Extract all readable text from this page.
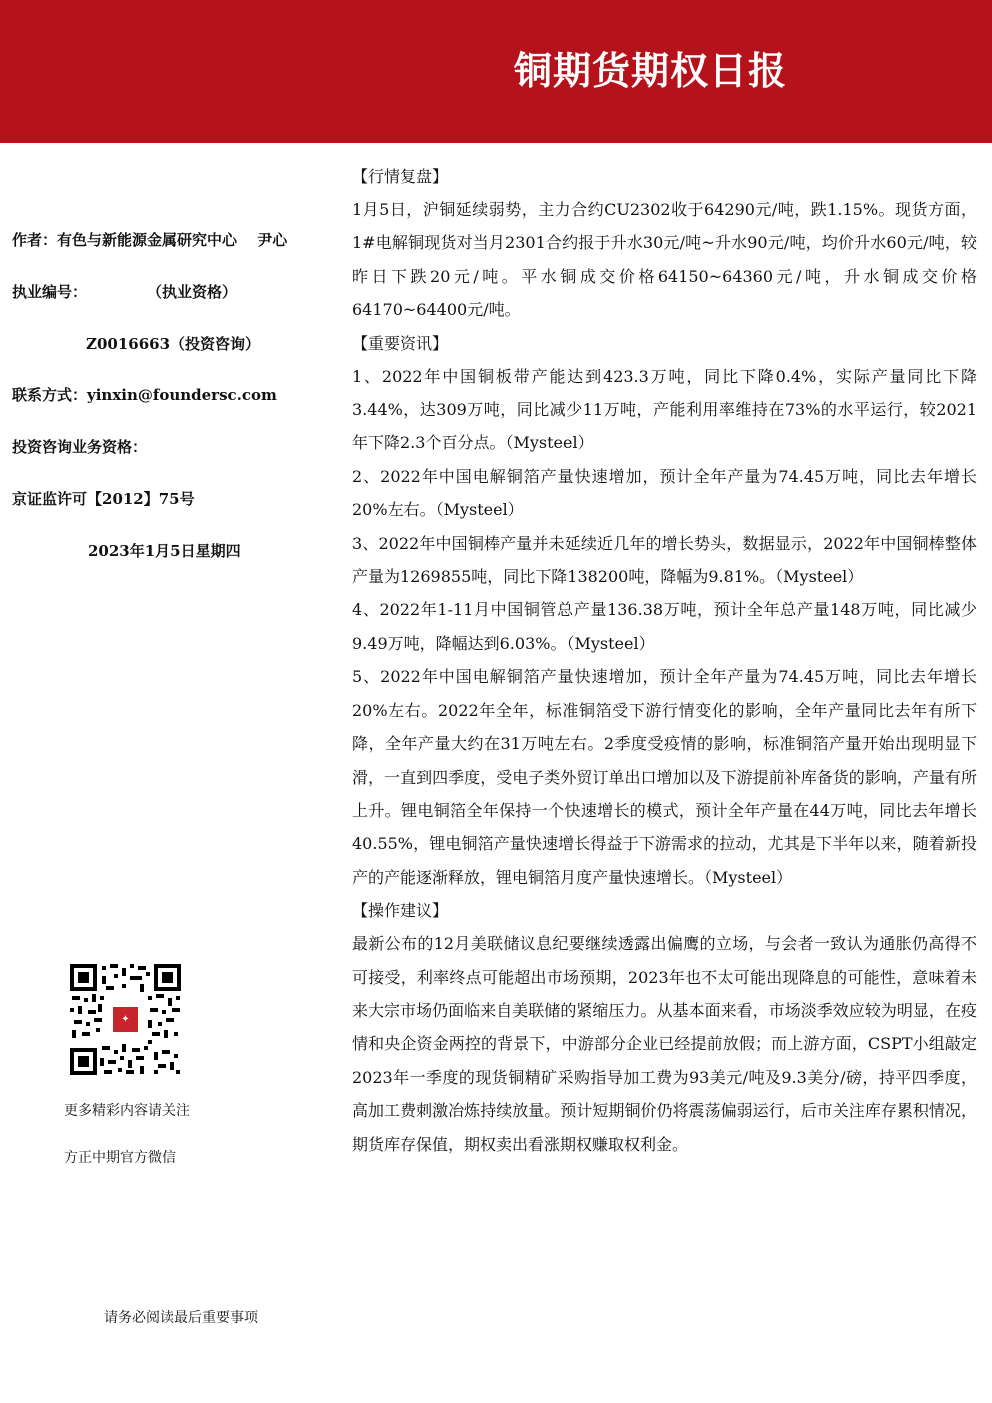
铜期货期权日报
作者：有色与新能源金属研究中心　 尹心
执业编号：　　　　　（执业资格）
Z0016663（投资咨询）
联系方式：yinxin@foundersc.com
投资咨询业务资格：
京证监许可【2012】75号
2023年1月5日星期四
✦
更多精彩内容请关注
方正中期官方微信
【行情复盘】

1月5日，沪铜延续弱势，主力合约CU2302收于64290元/吨，跌1.15%。现货方面，1#电解铜现货对当月2301合约报于升水30元/吨~升水90元/吨，均价升水60元/吨，较昨日下跌20元/吨。平水铜成交价格64150~64360元/吨，升水铜成交价格64170~64400元/吨。

【重要资讯】

1、2022年中国铜板带产能达到423.3万吨，同比下降0.4%，实际产量同比下降3.44%，达309万吨，同比减少11万吨，产能利用率维持在73%的水平运行，较2021年下降2.3个百分点。（Mysteel）

2、2022年中国电解铜箔产量快速增加，预计全年产量为74.45万吨，同比去年增长20%左右。（Mysteel）

3、2022年中国铜棒产量并未延续近几年的增长势头，数据显示，2022年中国铜棒整体产量为1269855吨，同比下降138200吨，降幅为9.81%。（Mysteel）

4、2022年1-11月中国铜管总产量136.38万吨，预计全年总产量148万吨，同比减少9.49万吨，降幅达到6.03%。（Mysteel）

5、2022年中国电解铜箔产量快速增加，预计全年产量为74.45万吨，同比去年增长20%左右。2022年全年，标准铜箔受下游行情变化的影响，全年产量同比去年有所下降，全年产量大约在31万吨左右。2季度受疫情的影响，标准铜箔产量开始出现明显下滑，一直到四季度，受电子类外贸订单出口增加以及下游提前补库备货的影响，产量有所上升。锂电铜箔全年保持一个快速增长的模式，预计全年产量在44万吨，同比去年增长40.55%，锂电铜箔产量快速增长得益于下游需求的拉动，尤其是下半年以来，随着新投产的产能逐渐释放，锂电铜箔月度产量快速增长。（Mysteel）

【操作建议】

最新公布的12月美联储议息纪要继续透露出偏鹰的立场，与会者一致认为通胀仍高得不可接受，利率终点可能超出市场预期，2023年也不太可能出现降息的可能性，意味着未来大宗市场仍面临来自美联储的紧缩压力。从基本面来看，市场淡季效应较为明显，在疫情和央企资金两控的背景下，中游部分企业已经提前放假；而上游方面，CSPT小组敲定2023年一季度的现货铜精矿采购指导加工费为93美元/吨及9.3美分/磅，持平四季度，高加工费刺激冶炼持续放量。预计短期铜价仍将震荡偏弱运行，后市关注库存累积情况，期货库存保值，期权卖出看涨期权赚取权利金。

请务必阅读最后重要事项
